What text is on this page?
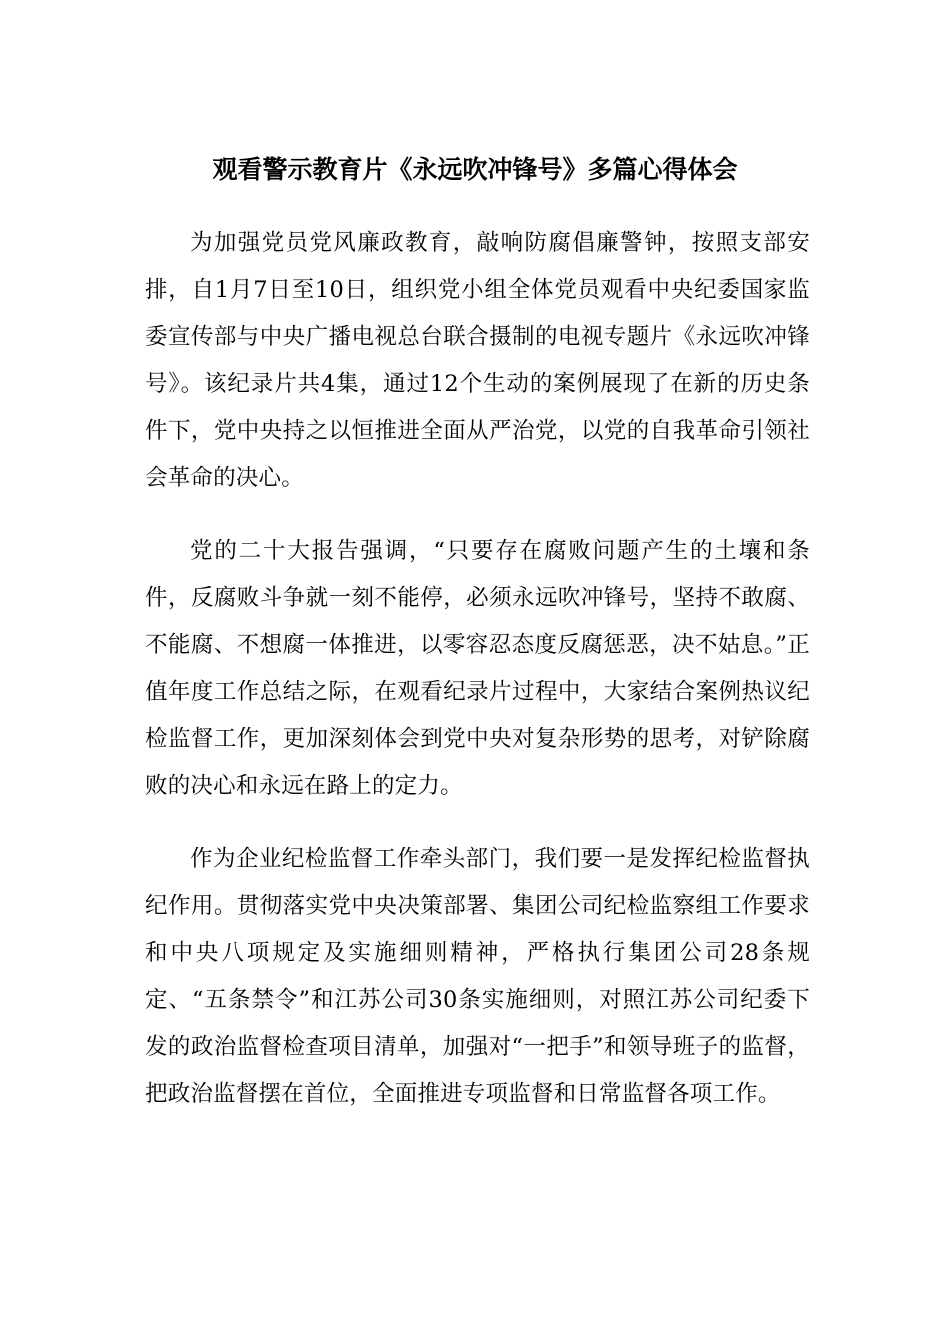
观看警示教育片《永远吹冲锋号》多篇心得体会

为加强党员党风廉政教育，敲响防腐倡廉警钟，按照支部安排，自1月7日至10日，组织党小组全体党员观看中央纪委国家监委宣传部与中央广播电视总台联合摄制的电视专题片《永远吹冲锋号》。该纪录片共4集，通过12个生动的案例展现了在新的历史条件下，党中央持之以恒推进全面从严治党，以党的自我革命引领社会革命的决心。

党的二十大报告强调，“只要存在腐败问题产生的土壤和条件，反腐败斗争就一刻不能停，必须永远吹冲锋号，坚持不敢腐、不能腐、不想腐一体推进，以零容忍态度反腐惩恶，决不姑息。”正值年度工作总结之际，在观看纪录片过程中，大家结合案例热议纪检监督工作，更加深刻体会到党中央对复杂形势的思考，对铲除腐败的决心和永远在路上的定力。

作为企业纪检监督工作牵头部门，我们要一是发挥纪检监督执纪作用。贯彻落实党中央决策部署、集团公司纪检监察组工作要求和中央八项规定及实施细则精神，严格执行集团公司28条规定、“五条禁令”和江苏公司30条实施细则，对照江苏公司纪委下发的政治监督检查项目清单，加强对“一把手”和领导班子的监督，把政治监督摆在首位，全面推进专项监督和日常监督各项工作。
